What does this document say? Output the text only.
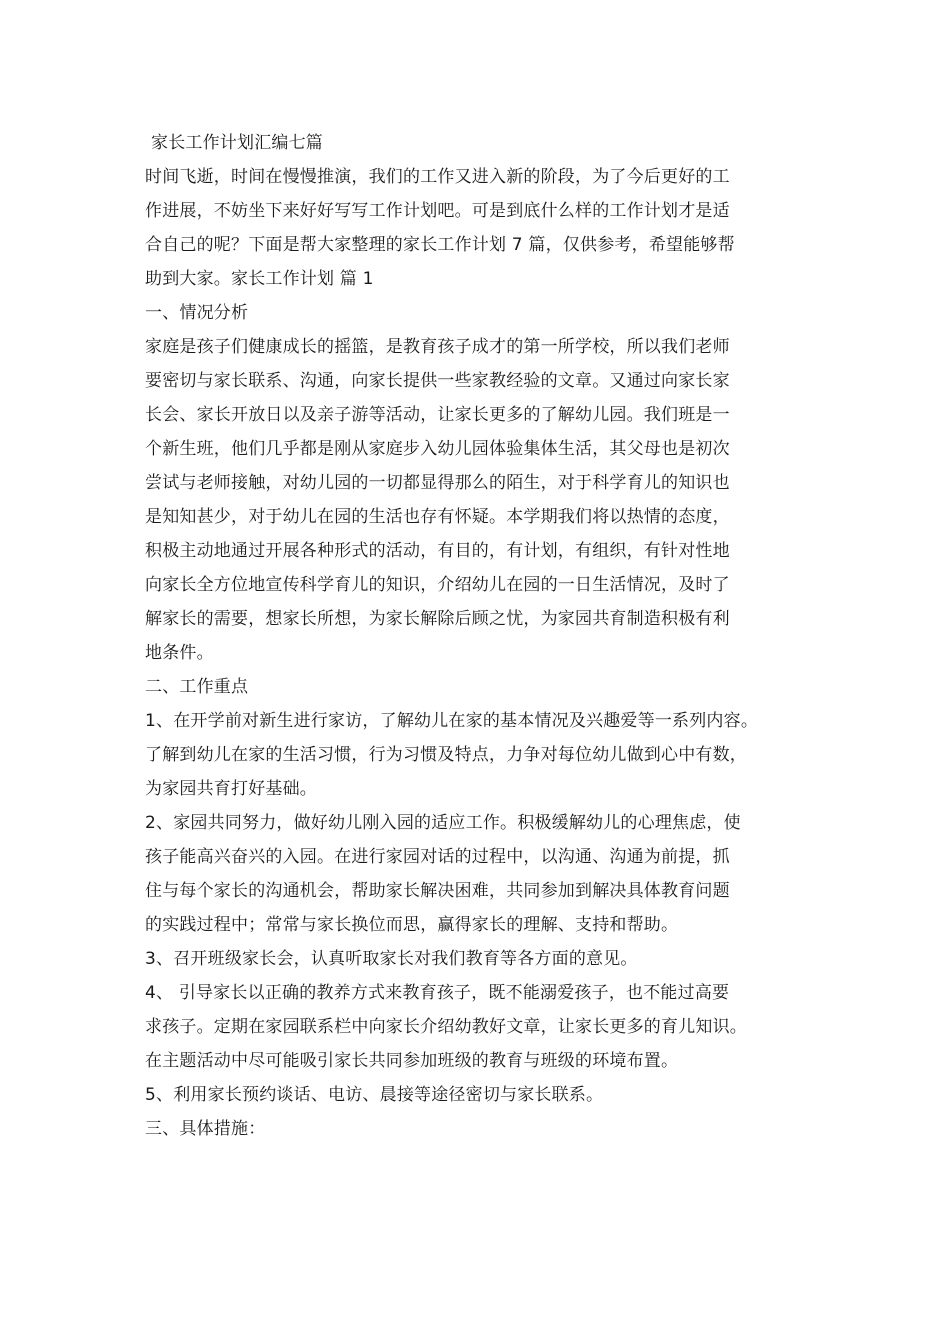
家长工作计划汇编七篇
时间飞逝，时间在慢慢推演，我们的工作又进入新的阶段，为了今后更好的工
作进展，不妨坐下来好好写写工作计划吧。可是到底什么样的工作计划才是适
合自己的呢？下面是帮大家整理的家长工作计划 7 篇，仅供参考，希望能够帮
助到大家。家长工作计划 篇 1
一、情况分析
家庭是孩子们健康成长的摇篮，是教育孩子成才的第一所学校，所以我们老师
要密切与家长联系、沟通，向家长提供一些家教经验的文章。又通过向家长家
长会、家长开放日以及亲子游等活动，让家长更多的了解幼儿园。我们班是一
个新生班，他们几乎都是刚从家庭步入幼儿园体验集体生活，其父母也是初次
尝试与老师接触，对幼儿园的一切都显得那么的陌生，对于科学育儿的知识也
是知知甚少，对于幼儿在园的生活也存有怀疑。本学期我们将以热情的态度，
积极主动地通过开展各种形式的活动，有目的，有计划，有组织，有针对性地
向家长全方位地宣传科学育儿的知识，介绍幼儿在园的一日生活情况，及时了
解家长的需要，想家长所想，为家长解除后顾之忧，为家园共育制造积极有利
地条件。
二、工作重点
1、在开学前对新生进行家访，了解幼儿在家的基本情况及兴趣爱等一系列内容。
了解到幼儿在家的生活习惯，行为习惯及特点，力争对每位幼儿做到心中有数，
为家园共育打好基础。
2、家园共同努力，做好幼儿刚入园的适应工作。积极缓解幼儿的心理焦虑，使
孩子能高兴奋兴的入园。在进行家园对话的过程中，以沟通、沟通为前提，抓
住与每个家长的沟通机会，帮助家长解决困难，共同参加到解决具体教育问题
的实践过程中；常常与家长换位而思，赢得家长的理解、支持和帮助。
3、召开班级家长会，认真听取家长对我们教育等各方面的意见。
4、 引导家长以正确的教养方式来教育孩子，既不能溺爱孩子，也不能过高要
求孩子。定期在家园联系栏中向家长介绍幼教好文章，让家长更多的育儿知识。
在主题活动中尽可能吸引家长共同参加班级的教育与班级的环境布置。
5、利用家长预约谈话、电访、晨接等途径密切与家长联系。
三、具体措施：
